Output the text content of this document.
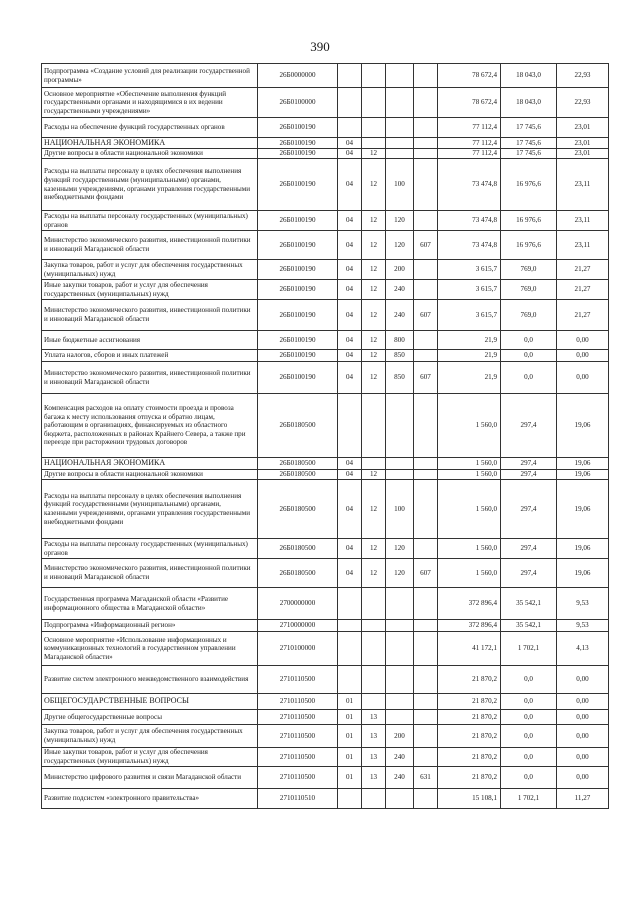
390
Подпрограмма «Создание условий для реализации государственной программы»	26Б0000000					78 672,4	18 043,0	22,93
Основное мероприятие «Обеспечение выполнения функций государственными органами и находящимися в их ведении государственными учреждениями»	26Б0100000					78 672,4	18 043,0	22,93
Расходы на обеспечение функций государственных органов	26Б0100190					77 112,4	17 745,6	23,01
НАЦИОНАЛЬНАЯ ЭКОНОМИКА	26Б0100190	04				77 112,4	17 745,6	23,01
Другие вопросы в области национальной экономики	26Б0100190	04	12			77 112,4	17 745,6	23,01
Расходы на выплаты персоналу в целях обеспечения выполнения функций государственными (муниципальными) органами, казенными учреждениями, органами управления государственными внебюджетными фондами	26Б0100190	04	12	100		73 474,8	16 976,6	23,11
Расходы на выплаты персоналу государственных (муниципальных) органов	26Б0100190	04	12	120		73 474,8	16 976,6	23,11
Министерство экономического развития, инвестиционной политики и инноваций Магаданской области	26Б0100190	04	12	120	607	73 474,8	16 976,6	23,11
Закупка товаров, работ и услуг для обеспечения государственных (муниципальных) нужд	26Б0100190	04	12	200		3 615,7	769,0	21,27
Иные закупки товаров, работ и услуг для обеспечения государственных (муниципальных) нужд	26Б0100190	04	12	240		3 615,7	769,0	21,27
Министерство экономического развития, инвестиционной политики и инноваций Магаданской области	26Б0100190	04	12	240	607	3 615,7	769,0	21,27
Иные бюджетные ассигнования	26Б0100190	04	12	800		21,9	0,0	0,00
Уплата налогов, сборов и иных платежей	26Б0100190	04	12	850		21,9	0,0	0,00
Министерство экономического развития, инвестиционной политики и инноваций Магаданской области	26Б0100190	04	12	850	607	21,9	0,0	0,00
Компенсация расходов на оплату стоимости проезда и провоза багажа к месту использования отпуска и обратно лицам, работающим в организациях, финансируемых из областного бюджета, расположенных в районах Крайнего Севера, а также при переезде при расторжении трудовых договоров	26Б0180500					1 560,0	297,4	19,06
НАЦИОНАЛЬНАЯ ЭКОНОМИКА	26Б0180500	04				1 560,0	297,4	19,06
Другие вопросы в области национальной экономики	26Б0180500	04	12			1 560,0	297,4	19,06
Расходы на выплаты персоналу в целях обеспечения выполнения функций государственными (муниципальными) органами, казенными учреждениями, органами управления государственными внебюджетными фондами	26Б0180500	04	12	100		1 560,0	297,4	19,06
Расходы на выплаты персоналу государственных (муниципальных) органов	26Б0180500	04	12	120		1 560,0	297,4	19,06
Министерство экономического развития, инвестиционной политики и инноваций Магаданской области	26Б0180500	04	12	120	607	1 560,0	297,4	19,06
Государственная программа Магаданской области «Развитие информационного общества в Магаданской области»	2700000000					372 896,4	35 542,1	9,53
Подпрограмма «Информационный регион»	2710000000					372 896,4	35 542,1	9,53
Основное мероприятие «Использование информационных и коммуникационных технологий в государственном управлении Магаданской области»	2710100000					41 172,1	1 702,1	4,13
Развитие систем электронного межведомственного взаимодействия	2710110500					21 870,2	0,0	0,00
ОБЩЕГОСУДАРСТВЕННЫЕ ВОПРОСЫ	2710110500	01				21 870,2	0,0	0,00
Другие общегосударственные вопросы	2710110500	01	13			21 870,2	0,0	0,00
Закупка товаров, работ и услуг для обеспечения государственных (муниципальных) нужд	2710110500	01	13	200		21 870,2	0,0	0,00
Иные закупки товаров, работ и услуг для обеспечения государственных (муниципальных) нужд	2710110500	01	13	240		21 870,2	0,0	0,00
Министерство цифрового развития и связи Магаданской области	2710110500	01	13	240	631	21 870,2	0,0	0,00
Развитие подсистем «электронного правительства»	2710110510					15 108,1	1 702,1	11,27
